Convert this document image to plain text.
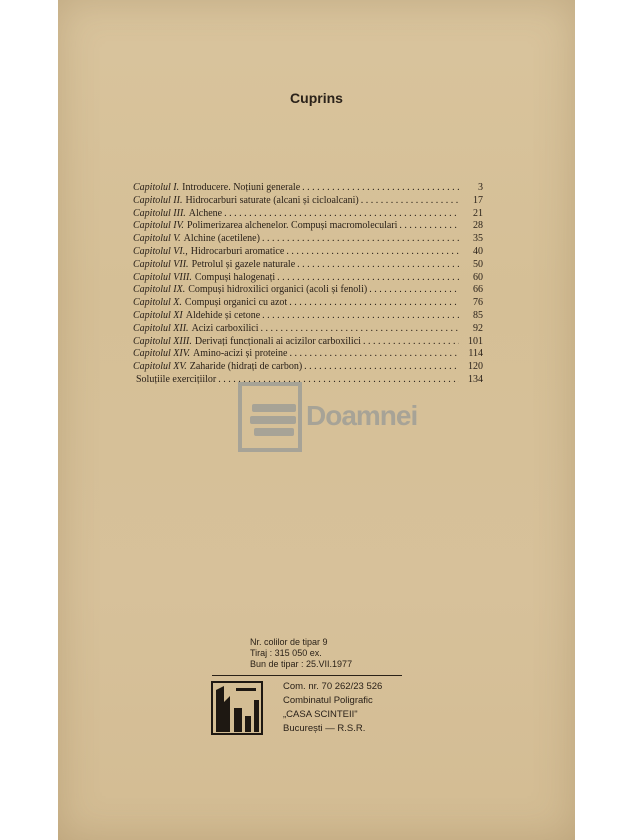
Cuprins
Capitolul I. Introducere. Noțiuni generale . . .	3
Capitolul II. Hidrocarburi saturate (alcani și cicloalcani) . . .	17
Capitolul III. Alchene . . .	21
Capitolul IV. Polimerizarea alchenelor. Compuși macromoleculari . . .	28
Capitolul V. Alchine (acetilene) . . .	35
Capitolul VI., Hidrocarburi aromatice . . .	40
Capitolul VII. Petrolul și gazele naturale . . .	50
Capitolul VIII. Compuși halogenați . . .	60
Capitolul IX. Compuși hidroxilici organici (acoli și fenoli) . . .	66
Capitolul X. Compuși organici cu azot . . .	76
Capitolul XI Aldehide și cetone . . .	85
Capitolul XII. Acizi carboxilici . . .	92
Capitolul XIII. Derivați funcționali ai acizilor carboxilici . . .	101
Capitolul XIV. Amino-acizi și proteine . . .	114
Capitolul XV. Zaharide (hidrați de carbon) . . .	120
Soluțiile exercițiilor . . .	134
Doamnei
Nr. colilor de tipar 9
Tiraj : 315 050 ex.
Bun de tipar : 25.VII.1977
Com. nr. 70 262/23 526
Combinatul Poligrafic
„CASA SCINTEII"
București — R.S.R.
